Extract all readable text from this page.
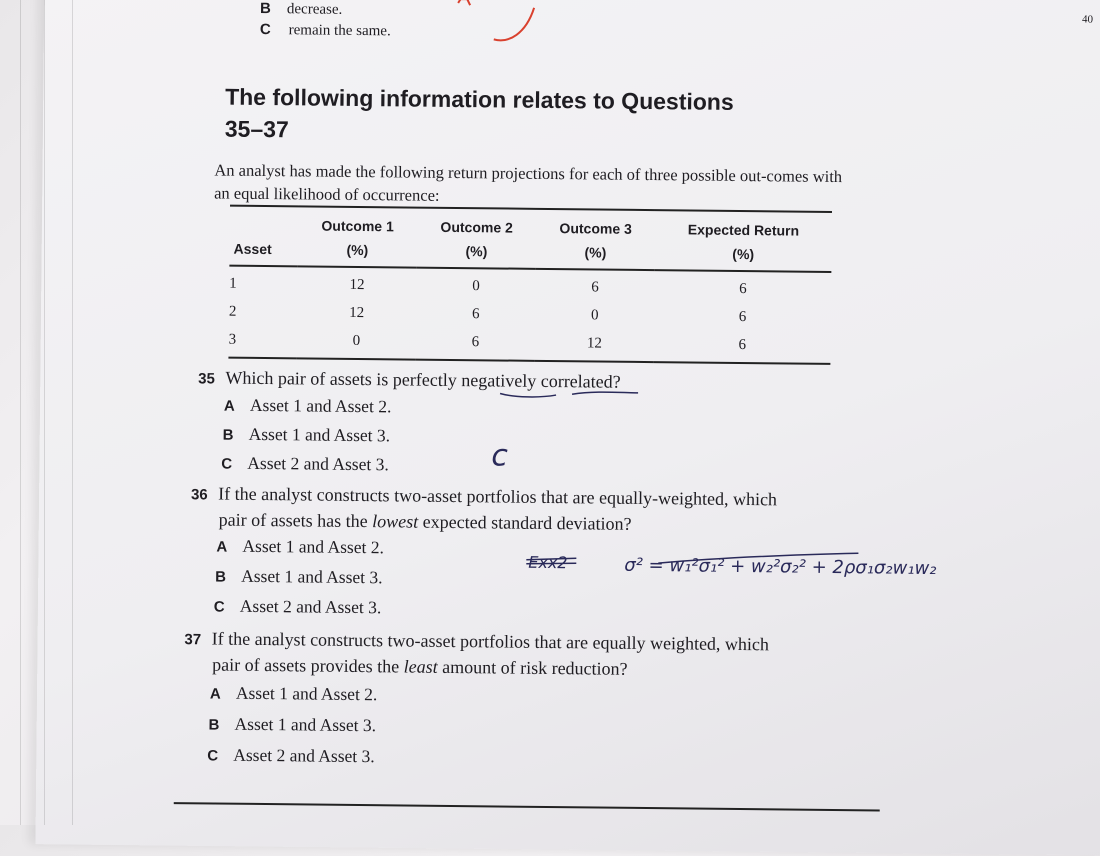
B decrease.
C remain the same.
40
The following information relates to Questions
35–37
An analyst has made the following return projections for each of three possible out-comes with an equal likelihood of occurrence:
	Outcome 1	Outcome 2	Outcome 3	Expected Return
Asset	(%)	(%)	(%)	(%)
1	12	0	6	6
2	12	6	0	6
3	0	6	12	6
35 Which pair of assets is perfectly negatively correlated?
A Asset 1 and Asset 2.
B Asset 1 and Asset 3.
C Asset 2 and Asset 3.
36 If the analyst constructs two-asset portfolios that are equally-weighted, which
pair of assets has the lowest expected standard deviation?
A Asset 1 and Asset 2.
B Asset 1 and Asset 3.
C Asset 2 and Asset 3.
37 If the analyst constructs two-asset portfolios that are equally weighted, which
pair of assets provides the least amount of risk reduction?
A Asset 1 and Asset 2.
B Asset 1 and Asset 3.
C Asset 2 and Asset 3.
c
Exx2	σ² = w₁²σ₁² + w₂²σ₂² + 2ρσ₁σ₂w₁w₂
